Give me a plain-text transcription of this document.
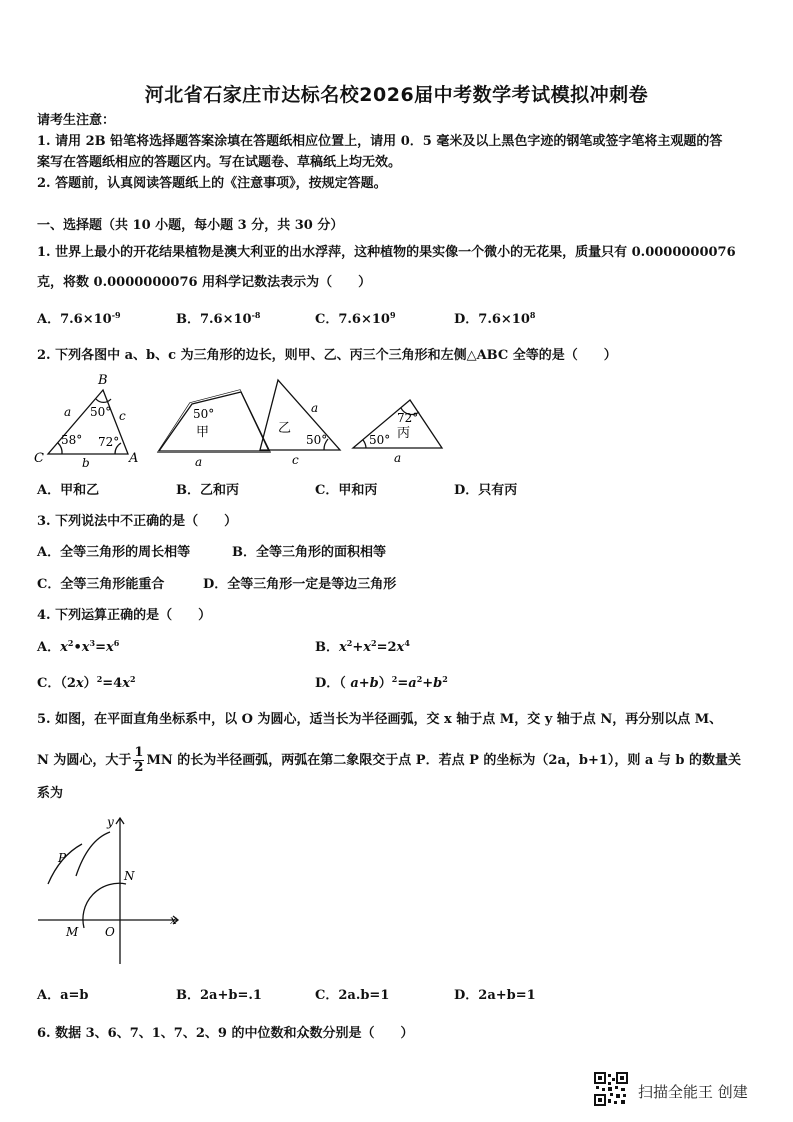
河北省石家庄市达标名校2026届中考数学考试模拟冲刺卷
请考生注意：
1. 请用 2B 铅笔将选择题答案涂填在答题纸相应位置上，请用 0．5 毫米及以上黑色字迹的钢笔或签字笔将主观题的答
案写在答题纸相应的答题区内。写在试题卷、草稿纸上均无效。
2. 答题前，认真阅读答题纸上的《注意事项》，按规定答题。
一、选择题（共 10 小题，每小题 3 分，共 30 分）
1. 世界上最小的开花结果植物是澳大利亚的出水浮萍，这种植物的果实像一个微小的无花果，质量只有 0.0000000076
克，将数 0.0000000076 用科学记数法表示为（　　）
A．$7.6\times 10^{-9}$	B．$7.6\times 10^{-8}$	C．$7.6\times 10^9$	D．$7.6\times 10^8$
2. 下列各图中 a、b、c 为三角形的边长，则甲、乙、丙三个三角形和左侧△ABC 全等的是（　　）
B
C	A
a	c
b
50°
58° 72°
50°
甲
a
乙
50°
a
c
72°
丙
50°
a
A．甲和乙	B．乙和丙	C．甲和丙	D．只有丙
3. 下列说法中不正确的是（　　）
A．全等三角形的周长相等	B．全等三角形的面积相等
C．全等三角形能重合	D．全等三角形一定是等边三角形
4. 下列运算正确的是（　　）
A．$x^2•x^3=x^6$	B．$x^2+x^2=2x^4$
C．$(2x)^2=4x^2$	D．（ $a+b)^2=a^2+b^2$
5. 如图，在平面直角坐标系中，以 O 为圆心，适当长为半径画弧，交 x 轴于点 M，交 y 轴于点 N，再分别以点 M、
N 为圆心，大于 $\frac{1}{2}$ MN 的长为半径画弧，两弧在第二象限交于点 P．若点 P 的坐标为（2a，b+1），则 a 与 b 的数量关
系为
y
x
P
N
M O
A．a=b	B．2a+b=.1	C．2a.b=1	D．2a+b=1
6. 数据 3、6、7、1、7、2、9 的中位数和众数分别是（　　）
扫描全能王 创建
